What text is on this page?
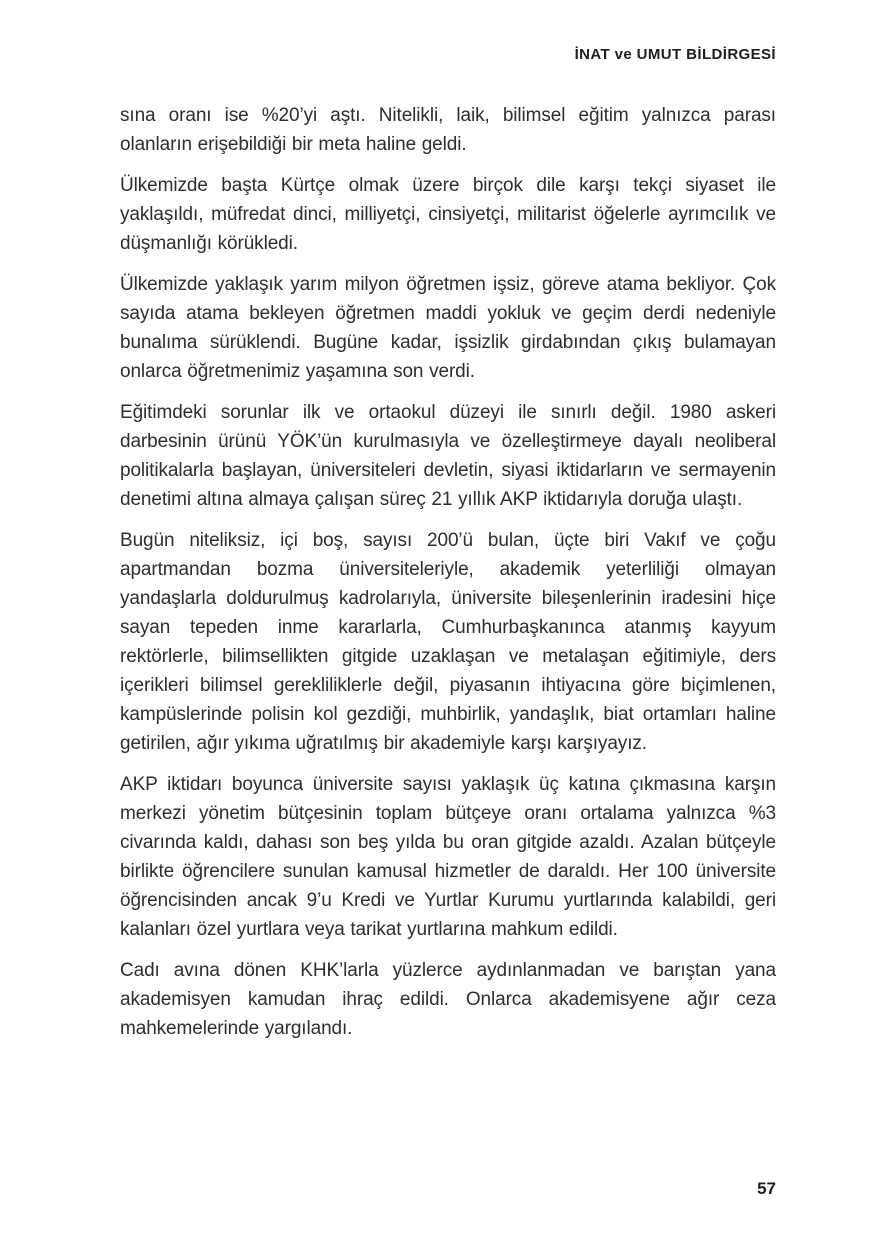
İNAT ve UMUT BİLDİRGESİ

sına oranı ise %20’yi aştı. Nitelikli, laik, bilimsel eğitim yalnızca parası olanların erişebildiği bir meta haline geldi.

Ülkemizde başta Kürtçe olmak üzere birçok dile karşı tekçi siyaset ile yaklaşıldı, müfredat dinci, milliyetçi, cinsiyetçi, militarist öğelerle ayrımcılık ve düşmanlığı körükledi.

Ülkemizde yaklaşık yarım milyon öğretmen işsiz, göreve atama bekliyor. Çok sayıda atama bekleyen öğretmen maddi yokluk ve geçim derdi nedeniyle bunalıma sürüklendi. Bugüne kadar, işsizlik girdabından çıkış bulamayan onlarca öğretmenimiz yaşamına son verdi.

Eğitimdeki sorunlar ilk ve ortaokul düzeyi ile sınırlı değil. 1980 askeri darbesinin ürünü YÖK’ün kurulmasıyla ve özelleştirmeye dayalı neoliberal politikalarla başlayan, üniversiteleri devletin, siyasi iktidarların ve sermayenin denetimi altına almaya çalışan süreç 21 yıllık AKP iktidarıyla doruğa ulaştı.

Bugün niteliksiz, içi boş, sayısı 200’ü bulan, üçte biri Vakıf ve çoğu apartmandan bozma üniversiteleriyle, akademik yeterliliği olmayan yandaşlarla doldurulmuş kadrolarıyla, üniversite bileşenlerinin iradesini hiçe sayan tepeden inme kararlarla, Cumhurbaşkanınca atanmış kayyum rektörlerle, bilimsellikten gitgide uzaklaşan ve metalaşan eğitimiyle, ders içerikleri bilimsel gerekliliklerle değil, piyasanın ihtiyacına göre biçimlenen, kampüslerinde polisin kol gezdiği, muhbirlik, yandaşlık, biat ortamları haline getirilen, ağır yıkıma uğratılmış bir akademiyle karşı karşıyayız.

AKP iktidarı boyunca üniversite sayısı yaklaşık üç katına çıkmasına karşın merkezi yönetim bütçesinin toplam bütçeye oranı ortalama yalnızca %3 civarında kaldı, dahası son beş yılda bu oran gitgide azaldı. Azalan bütçeyle birlikte öğrencilere sunulan kamusal hizmetler de daraldı. Her 100 üniversite öğrencisinden ancak 9’u Kredi ve Yurtlar Kurumu yurtlarında kalabildi, geri kalanları özel yurtlara veya tarikat yurtlarına mahkum edildi.

Cadı avına dönen KHK’larla yüzlerce aydınlanmadan ve barıştan yana akademisyen kamudan ihraç edildi. Onlarca akademisyene ağır ceza mahkemelerinde yargılandı.

57
